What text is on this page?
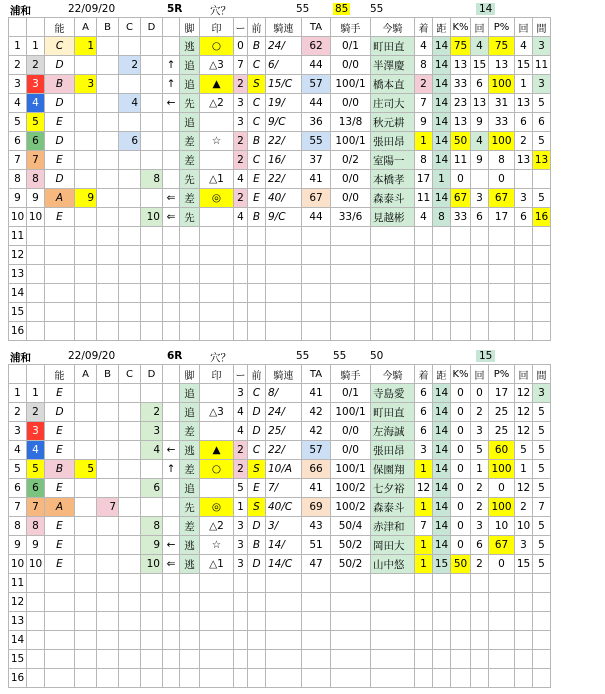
浦和	22/09/20	5R	穴？	55 85 55	14
		能	A	B	C	D		脚	印	ー	前	騎連	TA	騎手	今騎	着	距	K%	回	P%	回	間
1	1	C	1					逃	○	0	B	24/	62	0/1	町田直	4	14	75	4	75	4	3
2	2	D			2		↑	追	△3	7	C	6/	44	0/0	半澤慶	8	14	13	15	13	15	11
3	3	B	3				↑	追	▲	2	S	15/C	57	100/1	橋本直	2	14	33	6	100	1	3
4	4	D			4		←	先	△2	3	C	19/	44	0/0	庄司大	7	14	23	13	31	13	5
5	5	E						追		3	C	9/C	36	13/8	秋元耕	9	14	13	9	33	6	6
6	6	D			6			差	☆	2	B	22/	55	100/1	張田昂	1	14	50	4	100	2	5
7	7	E						差		2	C	16/	37	0/2	室陽一	8	14	11	9	8	13	13
8	8	D				8		先	△1	4	E	22/	41	0/0	本橋孝	17	1	0		0		
9	9	A	9				⇐	差	◎	2	E	40/	67	0/0	森泰斗	11	14	67	3	67	3	5
10	10	E				10	⇐	先		4	B	9/C	44	33/6	見越彬	4	8	33	6	17	6	16
11																						
12																						
13																						
14																						
15																						
16																						
浦和	22/09/20	6R	穴？	55 55 50	15
		能	A	B	C	D		脚	印	ー	前	騎連	TA	騎手	今騎	着	距	K%	回	P%	回	間
1	1	E						追		3	C	8/	41	0/1	寺島愛	6	14	0	0	17	12	3
2	2	D				2		追	△3	4	D	24/	42	100/1	町田直	6	14	0	2	25	12	5
3	3	E				3		差		4	D	25/	42	0/0	左海誠	6	14	0	3	25	12	5
4	4	E				4	←	逃	▲	2	C	22/	57	0/0	張田昂	3	14	0	5	60	5	5
5	5	B	5				↑	差	○	2	S	10/A	66	100/1	保園翔	1	14	0	1	100	1	5
6	6	E				6		追		5	E	7/	41	100/2	七夕裕	12	14	0	2	0	12	5
7	7	A		7				先	◎	1	S	40/C	69	100/2	森泰斗	1	14	0	2	100	2	7
8	8	E				8		差	△2	3	D	3/	43	50/4	赤津和	7	14	0	3	10	10	5
9	9	E				9	←	逃	☆	3	B	14/	51	50/2	岡田大	1	14	0	6	67	3	5
10	10	E				10	⇐	逃	△1	3	D	14/C	47	50/2	山中悠	1	15	50	2	0	15	5
11																						
12																						
13																						
14																						
15																						
16																						
